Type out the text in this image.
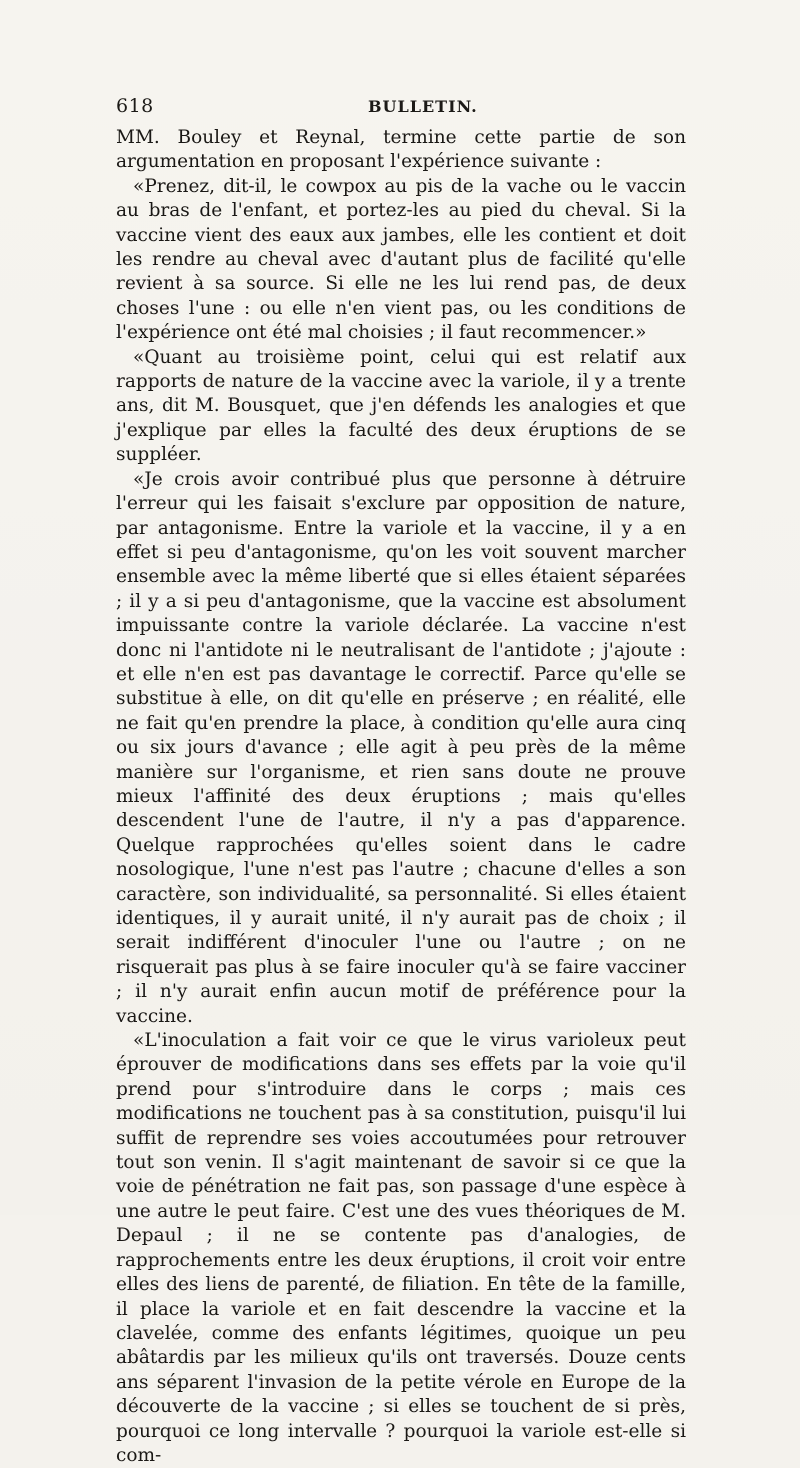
618	BULLETIN.

MM. Bouley et Reynal, termine cette partie de son argumentation en proposant l'expérience suivante :

«Prenez, dit-il, le cowpox au pis de la vache ou le vaccin au bras de l'enfant, et portez-les au pied du cheval. Si la vaccine vient des eaux aux jambes, elle les contient et doit les rendre au cheval avec d'autant plus de facilité qu'elle revient à sa source. Si elle ne les lui rend pas, de deux choses l'une : ou elle n'en vient pas, ou les conditions de l'expérience ont été mal choisies ; il faut recommencer.»

«Quant au troisième point, celui qui est relatif aux rapports de nature de la vaccine avec la variole, il y a trente ans, dit M. Bousquet, que j'en défends les analogies et que j'explique par elles la faculté des deux éruptions de se suppléer.

«Je crois avoir contribué plus que personne à détruire l'erreur qui les faisait s'exclure par opposition de nature, par antagonisme. Entre la variole et la vaccine, il y a en effet si peu d'antagonisme, qu'on les voit souvent marcher ensemble avec la même liberté que si elles étaient séparées ; il y a si peu d'antagonisme, que la vaccine est absolument impuissante contre la variole déclarée. La vaccine n'est donc ni l'antidote ni le neutralisant de l'antidote ; j'ajoute : et elle n'en est pas davantage le correctif. Parce qu'elle se substitue à elle, on dit qu'elle en préserve ; en réalité, elle ne fait qu'en prendre la place, à condition qu'elle aura cinq ou six jours d'avance ; elle agit à peu près de la même manière sur l'organisme, et rien sans doute ne prouve mieux l'affinité des deux éruptions ; mais qu'elles descendent l'une de l'autre, il n'y a pas d'apparence. Quelque rapprochées qu'elles soient dans le cadre nosologique, l'une n'est pas l'autre ; chacune d'elles a son caractère, son individualité, sa personnalité. Si elles étaient identiques, il y aurait unité, il n'y aurait pas de choix ; il serait indifférent d'inoculer l'une ou l'autre ; on ne risquerait pas plus à se faire inoculer qu'à se faire vacciner ; il n'y aurait enfin aucun motif de préférence pour la vaccine.

«L'inoculation a fait voir ce que le virus varioleux peut éprouver de modifications dans ses effets par la voie qu'il prend pour s'introduire dans le corps ; mais ces modifications ne touchent pas à sa constitution, puisqu'il lui suffit de reprendre ses voies accoutumées pour retrouver tout son venin. Il s'agit maintenant de savoir si ce que la voie de pénétration ne fait pas, son passage d'une espèce à une autre le peut faire. C'est une des vues théoriques de M. Depaul ; il ne se contente pas d'analogies, de rapprochements entre les deux éruptions, il croit voir entre elles des liens de parenté, de filiation. En tête de la famille, il place la variole et en fait descendre la vaccine et la clavelée, comme des enfants légitimes, quoique un peu abâtardis par les milieux qu'ils ont traversés. Douze cents ans séparent l'invasion de la petite vérole en Europe de la découverte de la vaccine ; si elles se touchent de si près, pourquoi ce long intervalle ? pourquoi la variole est-elle si com-
